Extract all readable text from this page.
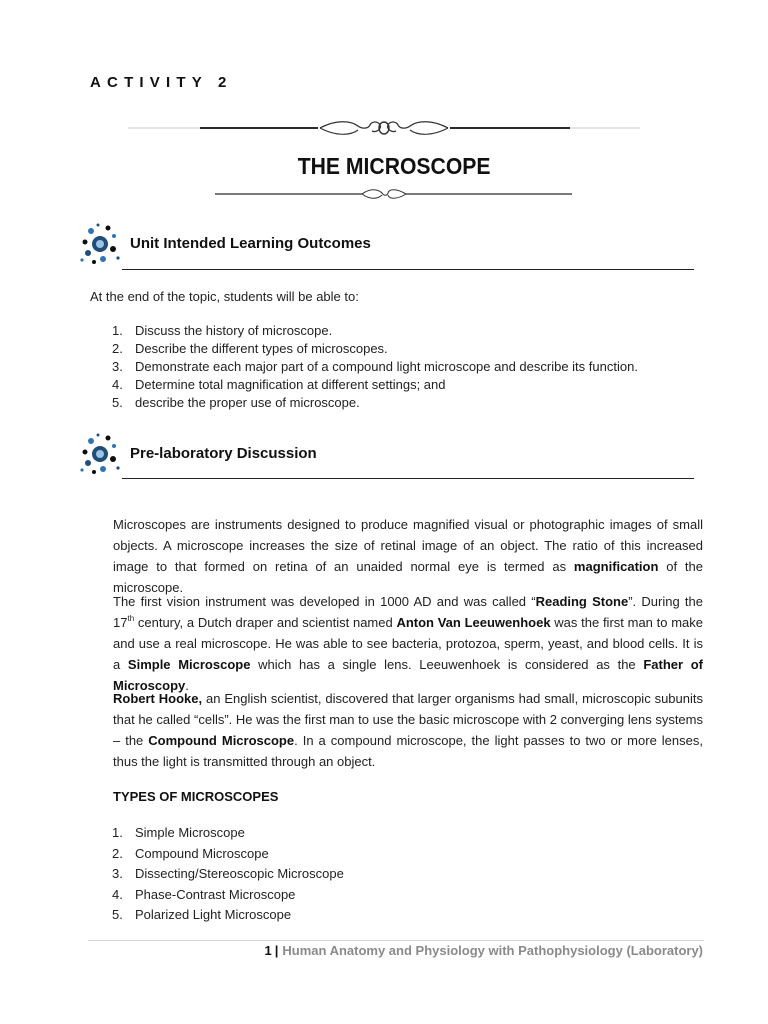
ACTIVITY 2
THE MICROSCOPE
Unit Intended Learning Outcomes
At the end of the topic, students will be able to:
1. Discuss the history of microscope.
2. Describe the different types of microscopes.
3. Demonstrate each major part of a compound light microscope and describe its function.
4. Determine total magnification at different settings; and
5. describe the proper use of microscope.
Pre-laboratory Discussion

Microscopes are instruments designed to produce magnified visual or photographic images of small objects. A microscope increases the size of retinal image of an object. The ratio of this increased image to that formed on retina of an unaided normal eye is termed as magnification of the microscope.

The first vision instrument was developed in 1000 AD and was called “Reading Stone”. During the 17th century, a Dutch draper and scientist named Anton Van Leeuwenhoek was the first man to make and use a real microscope. He was able to see bacteria, protozoa, sperm, yeast, and blood cells. It is a Simple Microscope which has a single lens. Leeuwenhoek is considered as the Father of Microscopy.

Robert Hooke, an English scientist, discovered that larger organisms had small, microscopic subunits that he called “cells”. He was the first man to use the basic microscope with 2 converging lens systems – the Compound Microscope. In a compound microscope, the light passes to two or more lenses, thus the light is transmitted through an object.

TYPES OF MICROSCOPES
1. Simple Microscope
2. Compound Microscope
3. Dissecting/Stereoscopic Microscope
4. Phase-Contrast Microscope
5. Polarized Light Microscope
1 | Human Anatomy and Physiology with Pathophysiology (Laboratory)
